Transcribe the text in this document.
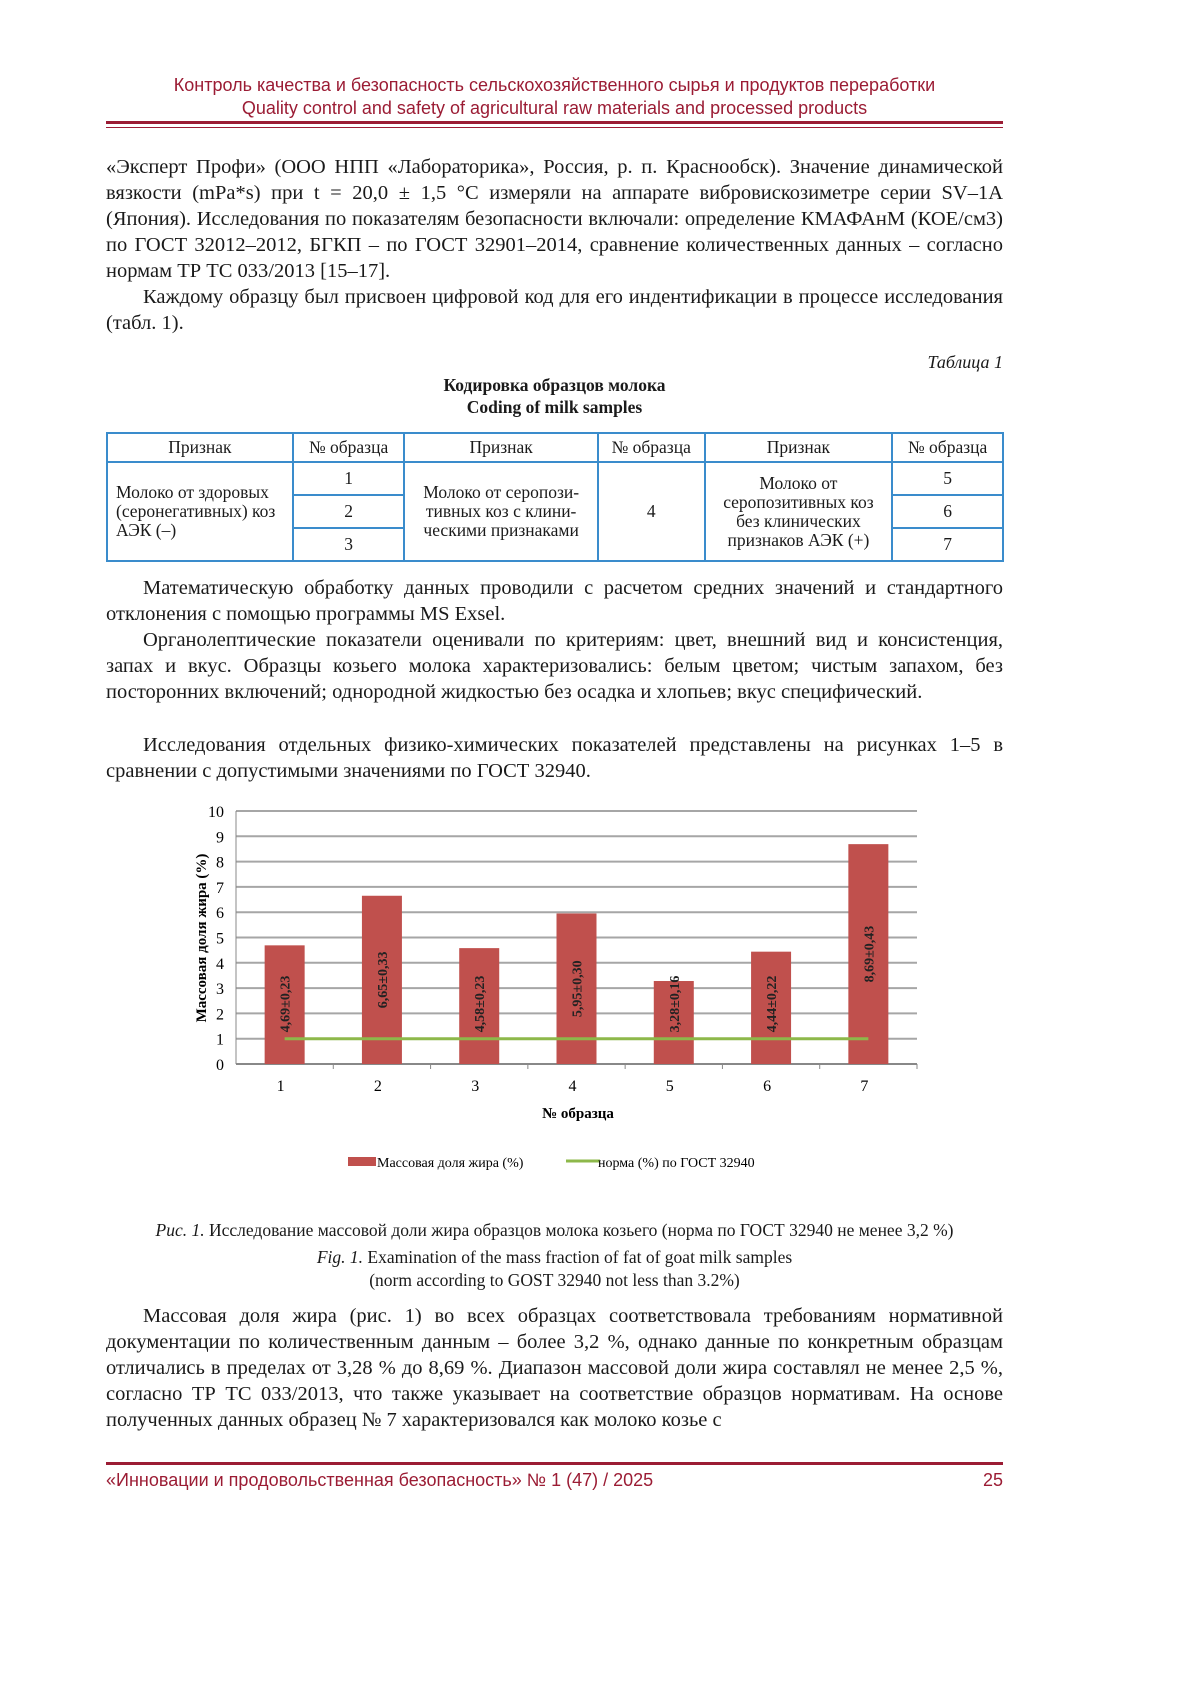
Контроль качества и безопасность сельскохозяйственного сырья и продуктов переработки
Quality control and safety of agricultural raw materials and processed products
«Эксперт Профи» (ООО НПП «Лабораторика», Россия, р. п. Краснообск). Значение динамической вязкости (mPa*s) при t = 20,0 ± 1,5 °С измеряли на аппарате вибровискозиметре серии SV–1A (Япония). Исследования по показателям безопасности включали: определение КМАФАнМ (КОЕ/см3) по ГОСТ 32012–2012, БГКП – по ГОСТ 32901–2014, сравнение количественных данных – согласно нормам ТР ТС 033/2013 [15–17].
Каждому образцу был присвоен цифровой код для его индентификации в процессе исследования (табл. 1).
Таблица 1
Кодировка образцов молока
Coding of milk samples
Признак	№ образца	Признак	№ образца	Признак	№ образца
Молоко от здоровых (серонегативных) коз АЭК (–)	1	Молоко от серопози-тивных коз с клини-ческими признаками	4	Молоко от серопозитивных коз без клинических признаков АЭК (+)	5
	2				6
	3				7
Математическую обработку данных проводили с расчетом средних значений и стандартного отклонения с помощью программы MS Exsel.
Органолептические показатели оценивали по критериям: цвет, внешний вид и консистенция, запах и вкус. Образцы козьего молока характеризовались: белым цветом; чистым запахом, без посторонних включений; однородной жидкостью без осадка и хлопьев; вкус специфический.
Исследования отдельных физико-химических показателей представлены на рисунках 1–5 в сравнении с допустимыми значениями по ГОСТ 32940.
0
1
2
3
4
5
6
7
8
9
10
1
4,69±0,23
2
6,65±0,33
3
4,58±0,23
4
5,95±0,30
5
3,28±0,16
6
4,44±0,22
7
8,69±0,43
№ образца
Массовая доля жира (%)
Массовая доля жира (%)	норма (%) по ГОСТ 32940
Рис. 1. Исследование массовой доли жира образцов молока козьего (норма по ГОСТ 32940 не менее 3,2 %)
Fig. 1. Examination of the mass fraction of fat of goat milk samples
(norm according to GOST 32940 not less than 3.2%)
Массовая доля жира (рис. 1) во всех образцах соответствовала требованиям нормативной документации по количественным данным – более 3,2 %, однако данные по конкретным образцам отличались в пределах от 3,28 % до 8,69 %. Диапазон массовой доли жира составлял не менее 2,5 %, согласно ТР ТС 033/2013, что также указывает на соответствие образцов нормативам. На основе полученных данных образец № 7 характеризовался как молоко козье с
«Инновации и продовольственная безопасность» № 1 (47) / 2025	25
